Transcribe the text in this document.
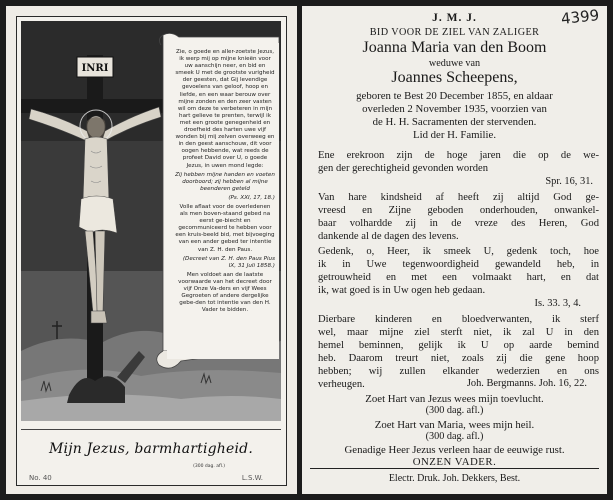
INRI

Zie, o goede en aller-zoetste Jezus, ik werp mij op mijne knieën voor uw aanschijn neer, en bid en smeek U met de grootste vurigheid der geesten, dat Gij levendige gevoelens van geloof, hoop en liefde, en een waar berouw over mijne zonden en den zeer vasten wil om deze te verbeteren in mijn hart gelieve te prenten, terwijl ik met een groote genegenheid en droefheid des harten uwe vijf wonden bij mij zelven overweeg en in den geest aanschouw, dit voor oogen hebbende, wat reeds de profeet David over U, o goede Jezus, in uwen mond legde:

Zij hebben mijne handen en voeten doorboord; zij hebben al mijne beenderen geteld

(Ps. XXI, 17, 18.)

Volle aflaat voor de overledenen als men boven-staand gebed na eerst ge-biecht en gecommuniceerd te hebben voor een kruis-beeld bid, met bijvoeging van een ander gebed ter intentie van Z. H. den Paus.

(Decreet van Z. H. den Paus Pius IX, 31 Juli 1858.)

Men voldoet aan de laatste voorwaarde van het decreet door vijf Onze Va-ders en vijf Wees Gegroeten of andere dergelijke gebe-den tot intentie van den H. Vader te bidden.

Mijn Jezus, barmhartigheid.
(300 dag. afl.)
No. 40	L.S.W.
4399
J. M. J.
BID VOOR DE ZIEL VAN ZALIGER
Joanna Maria van den Boom
weduwe van
Joannes Scheepens,
geboren te Best 20 December 1855, en aldaar
overleden 2 November 1935, voorzien van
de H. H. Sacramenten der stervenden.
Lid der H. Familie.
Ene erekroon zijn de hoge jaren die op de we-
gen der gerechtigheid gevonden worden
Spr. 16, 31.
Van hare kindsheid af heeft zij altijd God ge-
vreesd en Zijne geboden onderhouden, onwankel-
baar volhardde zij in de vreze des Heren, God
dankende al de dagen des levens.
Gedenk, o, Heer, ik smeek U, gedenk toch, hoe
ik in Uwe tegenwoordigheid gewandeld heb, in
getrouwheid en met een volmaakt hart, en dat
ik, wat goed is in Uw ogen heb gedaan.
Is. 33. 3, 4.
Dierbare kinderen en bloedverwanten, ik sterf
wel, maar mijne ziel sterft niet, ik zal U in den
hemel beminnen, gelijk ik U op aarde bemind
heb. Daarom treurt niet, zoals zij die gene hoop
hebben; wij zullen elkander wederzien en ons
verheugen.	Joh. Bergmanns. Joh. 16, 22.
Zoet Hart van Jezus wees mijn toevlucht.
(300 dag. afl.)
Zoet Hart van Maria, wees mijn heil.
(300 dag. afl.)
Genadige Heer Jezus verleen haar de eeuwige rust.
ONZEN VADER.
Electr. Druk. Joh. Dekkers, Best.
